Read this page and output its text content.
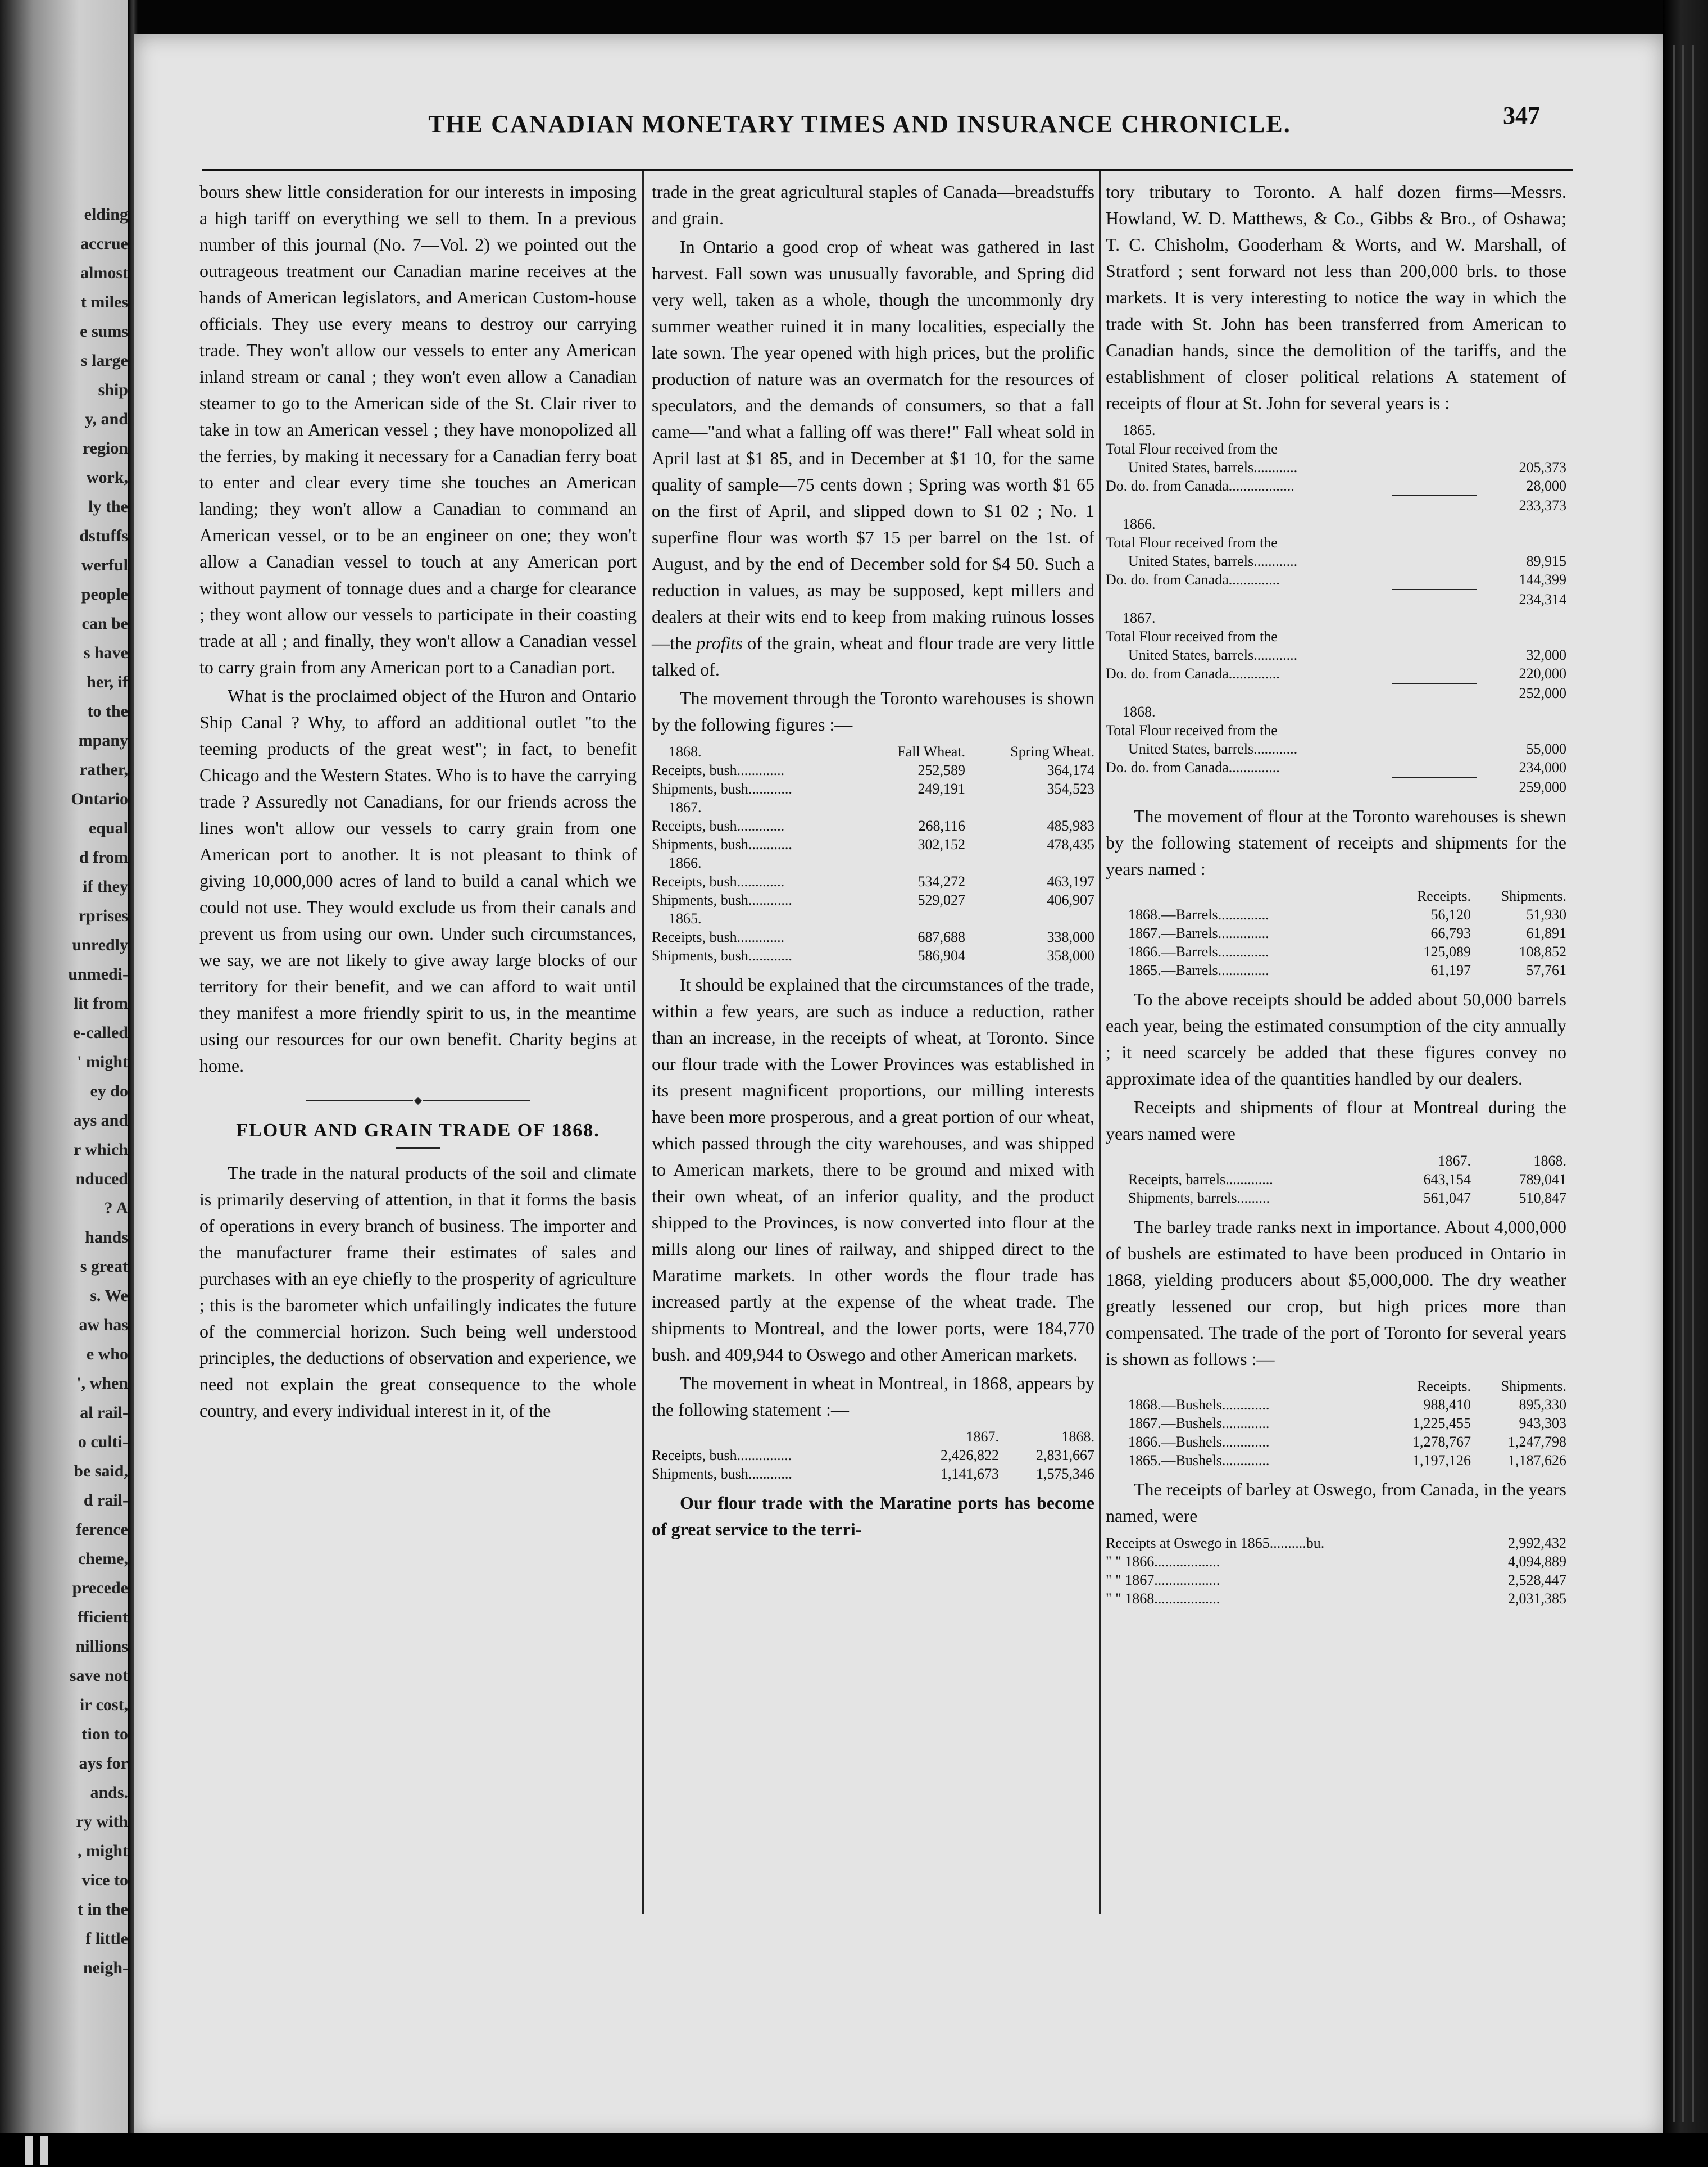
elding
accrue
almost
t miles
e sums
s large
ship
y, and
region
work,
ly the
dstuffs
werful
people
can be
s have
her, if
to the
mpany
rather,
Ontario
equal
d from
if they
rprises
unredly
unmedi-
lit from
e-called
' might
ey do
ays and
r which
nduced
? A
hands
s great
s. We
aw has
e who
', when
al rail-
o culti-
be said,
d rail-
ference
cheme,
precede
fficient
nillions
save not
ir cost,
tion to
ays for
ands.
ry with
, might
vice to
t in the
f little
neigh-
THE CANADIAN MONETARY TIMES AND INSURANCE CHRONICLE.	347

bours shew little consideration for our interests in imposing a high tariff on everything we sell to them. In a previous number of this journal (No. 7—Vol. 2) we pointed out the outrageous treatment our Canadian marine receives at the hands of American legislators, and American Custom-house officials. They use every means to destroy our carrying trade. They won't allow our vessels to enter any American inland stream or canal ; they won't even allow a Canadian steamer to go to the American side of the St. Clair river to take in tow an American vessel ; they have monopolized all the ferries, by making it necessary for a Canadian ferry boat to enter and clear every time she touches an American landing; they won't allow a Canadian to command an American vessel, or to be an engineer on one; they won't allow a Canadian vessel to touch at any American port without payment of tonnage dues and a charge for clearance ; they wont allow our vessels to participate in their coasting trade at all ; and finally, they won't allow a Canadian vessel to carry grain from any American port to a Canadian port.

What is the proclaimed object of the Huron and Ontario Ship Canal ? Why, to afford an additional outlet "to the teeming products of the great west"; in fact, to benefit Chicago and the Western States. Who is to have the carrying trade ? Assuredly not Canadians, for our friends across the lines won't allow our vessels to carry grain from one American port to another. It is not pleasant to think of giving 10,000,000 acres of land to build a canal which we could not use. They would exclude us from their canals and prevent us from using our own. Under such circumstances, we say, we are not likely to give away large blocks of our territory for their benefit, and we can afford to wait until they manifest a more friendly spirit to us, in the meantime using our resources for our own benefit. Charity begins at home.

FLOUR AND GRAIN TRADE OF 1868.

The trade in the natural products of the soil and climate is primarily deserving of attention, in that it forms the basis of operations in every branch of business. The importer and the manufacturer frame their estimates of sales and purchases with an eye chiefly to the prosperity of agriculture ; this is the barometer which unfailingly indicates the future of the commercial horizon. Such being well understood principles, the deductions of observation and experience, we need not explain the great consequence to the whole country, and every individual interest in it, of the

trade in the great agricultural staples of Canada—breadstuffs and grain.

In Ontario a good crop of wheat was gathered in last harvest. Fall sown was unusually favorable, and Spring did very well, taken as a whole, though the uncommonly dry summer weather ruined it in many localities, especially the late sown. The year opened with high prices, but the prolific production of nature was an overmatch for the resources of speculators, and the demands of consumers, so that a fall came—"and what a falling off was there!" Fall wheat sold in April last at $1 85, and in December at $1 10, for the same quality of sample—75 cents down ; Spring was worth $1 65 on the first of April, and slipped down to $1 02 ; No. 1 superfine flour was worth $7 15 per barrel on the 1st. of August, and by the end of December sold for $4 50. Such a reduction in values, as may be supposed, kept millers and dealers at their wits end to keep from making ruinous losses—the profits of the grain, wheat and flour trade are very little talked of.

The movement through the Toronto warehouses is shown by the following figures :—

1868.	Fall Wheat.	Spring Wheat.
Receipts, bush.............	252,589	364,174
Shipments, bush............	249,191	354,523
1867.
Receipts, bush.............	268,116	485,983
Shipments, bush............	302,152	478,435
1866.
Receipts, bush.............	534,272	463,197
Shipments, bush............	529,027	406,907
1865.
Receipts, bush.............	687,688	338,000
Shipments, bush............	586,904	358,000

It should be explained that the circumstances of the trade, within a few years, are such as induce a reduction, rather than an increase, in the receipts of wheat, at Toronto. Since our flour trade with the Lower Provinces was established in its present magnificent proportions, our milling interests have been more prosperous, and a great portion of our wheat, which passed through the city warehouses, and was shipped to American markets, there to be ground and mixed with their own wheat, of an inferior quality, and the product shipped to the Provinces, is now converted into flour at the mills along our lines of railway, and shipped direct to the Maratime markets. In other words the flour trade has increased partly at the expense of the wheat trade. The shipments to Montreal, and the lower ports, were 184,770 bush. and 409,944 to Oswego and other American markets.

The movement in wheat in Montreal, in 1868, appears by the following statement :—

1867.	1868.
Receipts, bush...............	2,426,822	2,831,667
Shipments, bush............	1,141,673	1,575,346

Our flour trade with the Maratine ports has become of great service to the terri-

tory tributary to Toronto. A half dozen firms—Messrs. Howland, W. D. Matthews, & Co., Gibbs & Bro., of Oshawa; T. C. Chisholm, Gooderham & Worts, and W. Marshall, of Stratford ; sent forward not less than 200,000 brls. to those markets. It is very interesting to notice the way in which the trade with St. John has been transferred from American to Canadian hands, since the demolition of the tariffs, and the establishment of closer political relations A statement of receipts of flour at St. John for several years is :

1865.
Total Flour received from the
United States, barrels............	205,373
Do. do. from Canada..................	28,000
233,373
1866.
Total Flour received from the
United States, barrels............	89,915
Do. do. from Canada..............	144,399
234,314
1867.
Total Flour received from the
United States, barrels............	32,000
Do. do. from Canada..............	220,000
252,000
1868.
Total Flour received from the
United States, barrels............	55,000
Do. do. from Canada..............	234,000
259,000

The movement of flour at the Toronto warehouses is shewn by the following statement of receipts and shipments for the years named :

Receipts.	Shipments.
1868.—Barrels..............	56,120	51,930
1867.—Barrels..............	66,793	61,891
1866.—Barrels..............	125,089	108,852
1865.—Barrels..............	61,197	57,761

To the above receipts should be added about 50,000 barrels each year, being the estimated consumption of the city annually ; it need scarcely be added that these figures convey no approximate idea of the quantities handled by our dealers.

Receipts and shipments of flour at Montreal during the years named were

1867.	1868.
Receipts, barrels.............	643,154	789,041
Shipments, barrels.........	561,047	510,847

The barley trade ranks next in importance. About 4,000,000 of bushels are estimated to have been produced in Ontario in 1868, yielding producers about $5,000,000. The dry weather greatly lessened our crop, but high prices more than compensated. The trade of the port of Toronto for several years is shown as follows :—

Receipts.	Shipments.
1868.—Bushels.............	988,410	895,330
1867.—Bushels.............	1,225,455	943,303
1866.—Bushels.............	1,278,767	1,247,798
1865.—Bushels.............	1,197,126	1,187,626

The receipts of barley at Oswego, from Canada, in the years named, were

Receipts at Oswego in 1865..........bu.	2,992,432
" " 1866..................	4,094,889
" " 1867..................	2,528,447
" " 1868..................	2,031,385
